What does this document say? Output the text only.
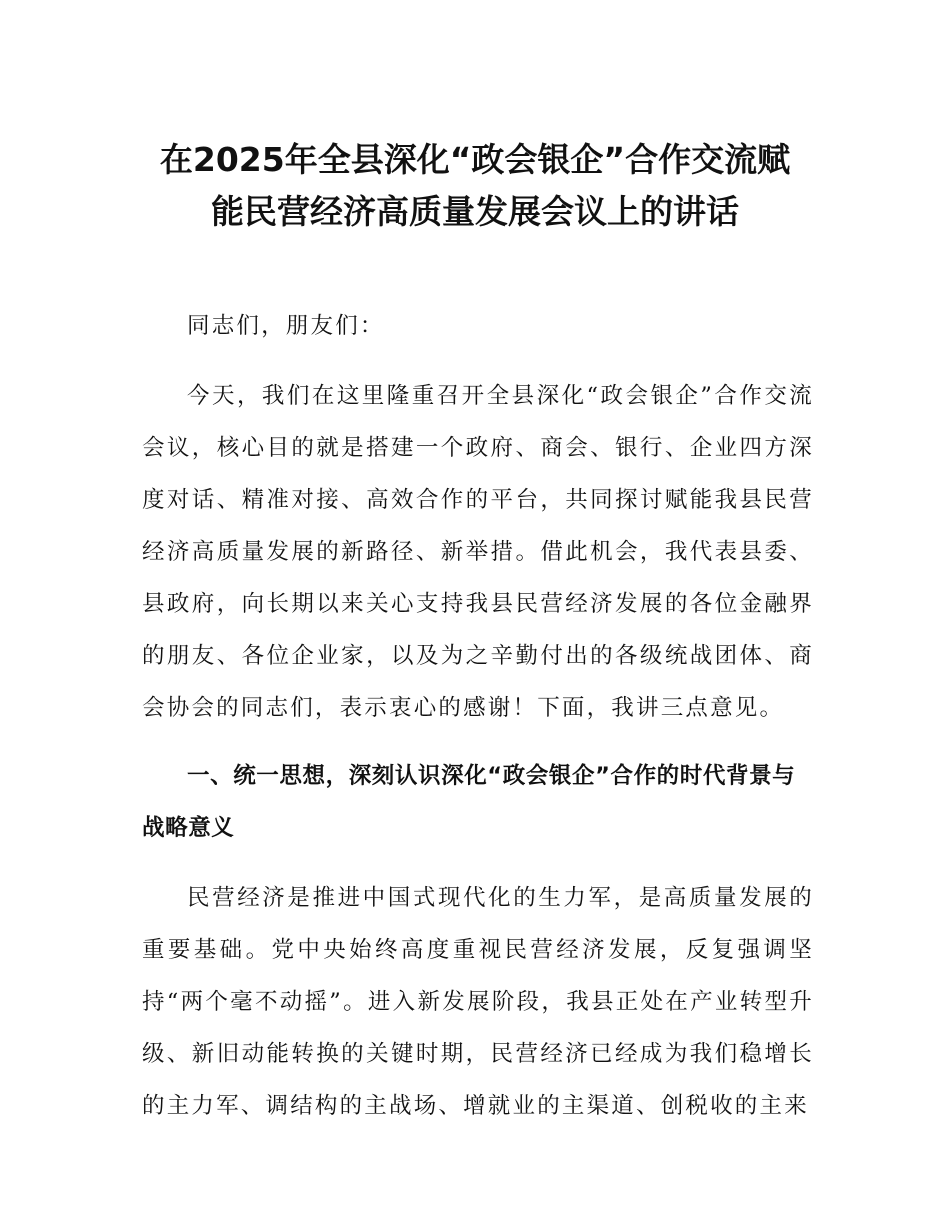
在2025年全县深化“政会银企”合作交流赋
能民营经济高质量发展会议上的讲话

同志们，朋友们：

今天，我们在这里隆重召开全县深化“政会银企”合作交流会议，核心目的就是搭建一个政府、商会、银行、企业四方深度对话、精准对接、高效合作的平台，共同探讨赋能我县民营经济高质量发展的新路径、新举措。借此机会，我代表县委、县政府，向长期以来关心支持我县民营经济发展的各位金融界的朋友、各位企业家，以及为之辛勤付出的各级统战团体、商会协会的同志们，表示衷心的感谢！下面，我讲三点意见。

一、统一思想，深刻认识深化“政会银企”合作的时代背景与战略意义

民营经济是推进中国式现代化的生力军，是高质量发展的重要基础。党中央始终高度重视民营经济发展，反复强调坚持“两个毫不动摇”。进入新发展阶段，我县正处在产业转型升级、新旧动能转换的关键时期，民营经济已经成为我们稳增长的主力军、调结构的主战场、增就业的主渠道、创税收的主来
